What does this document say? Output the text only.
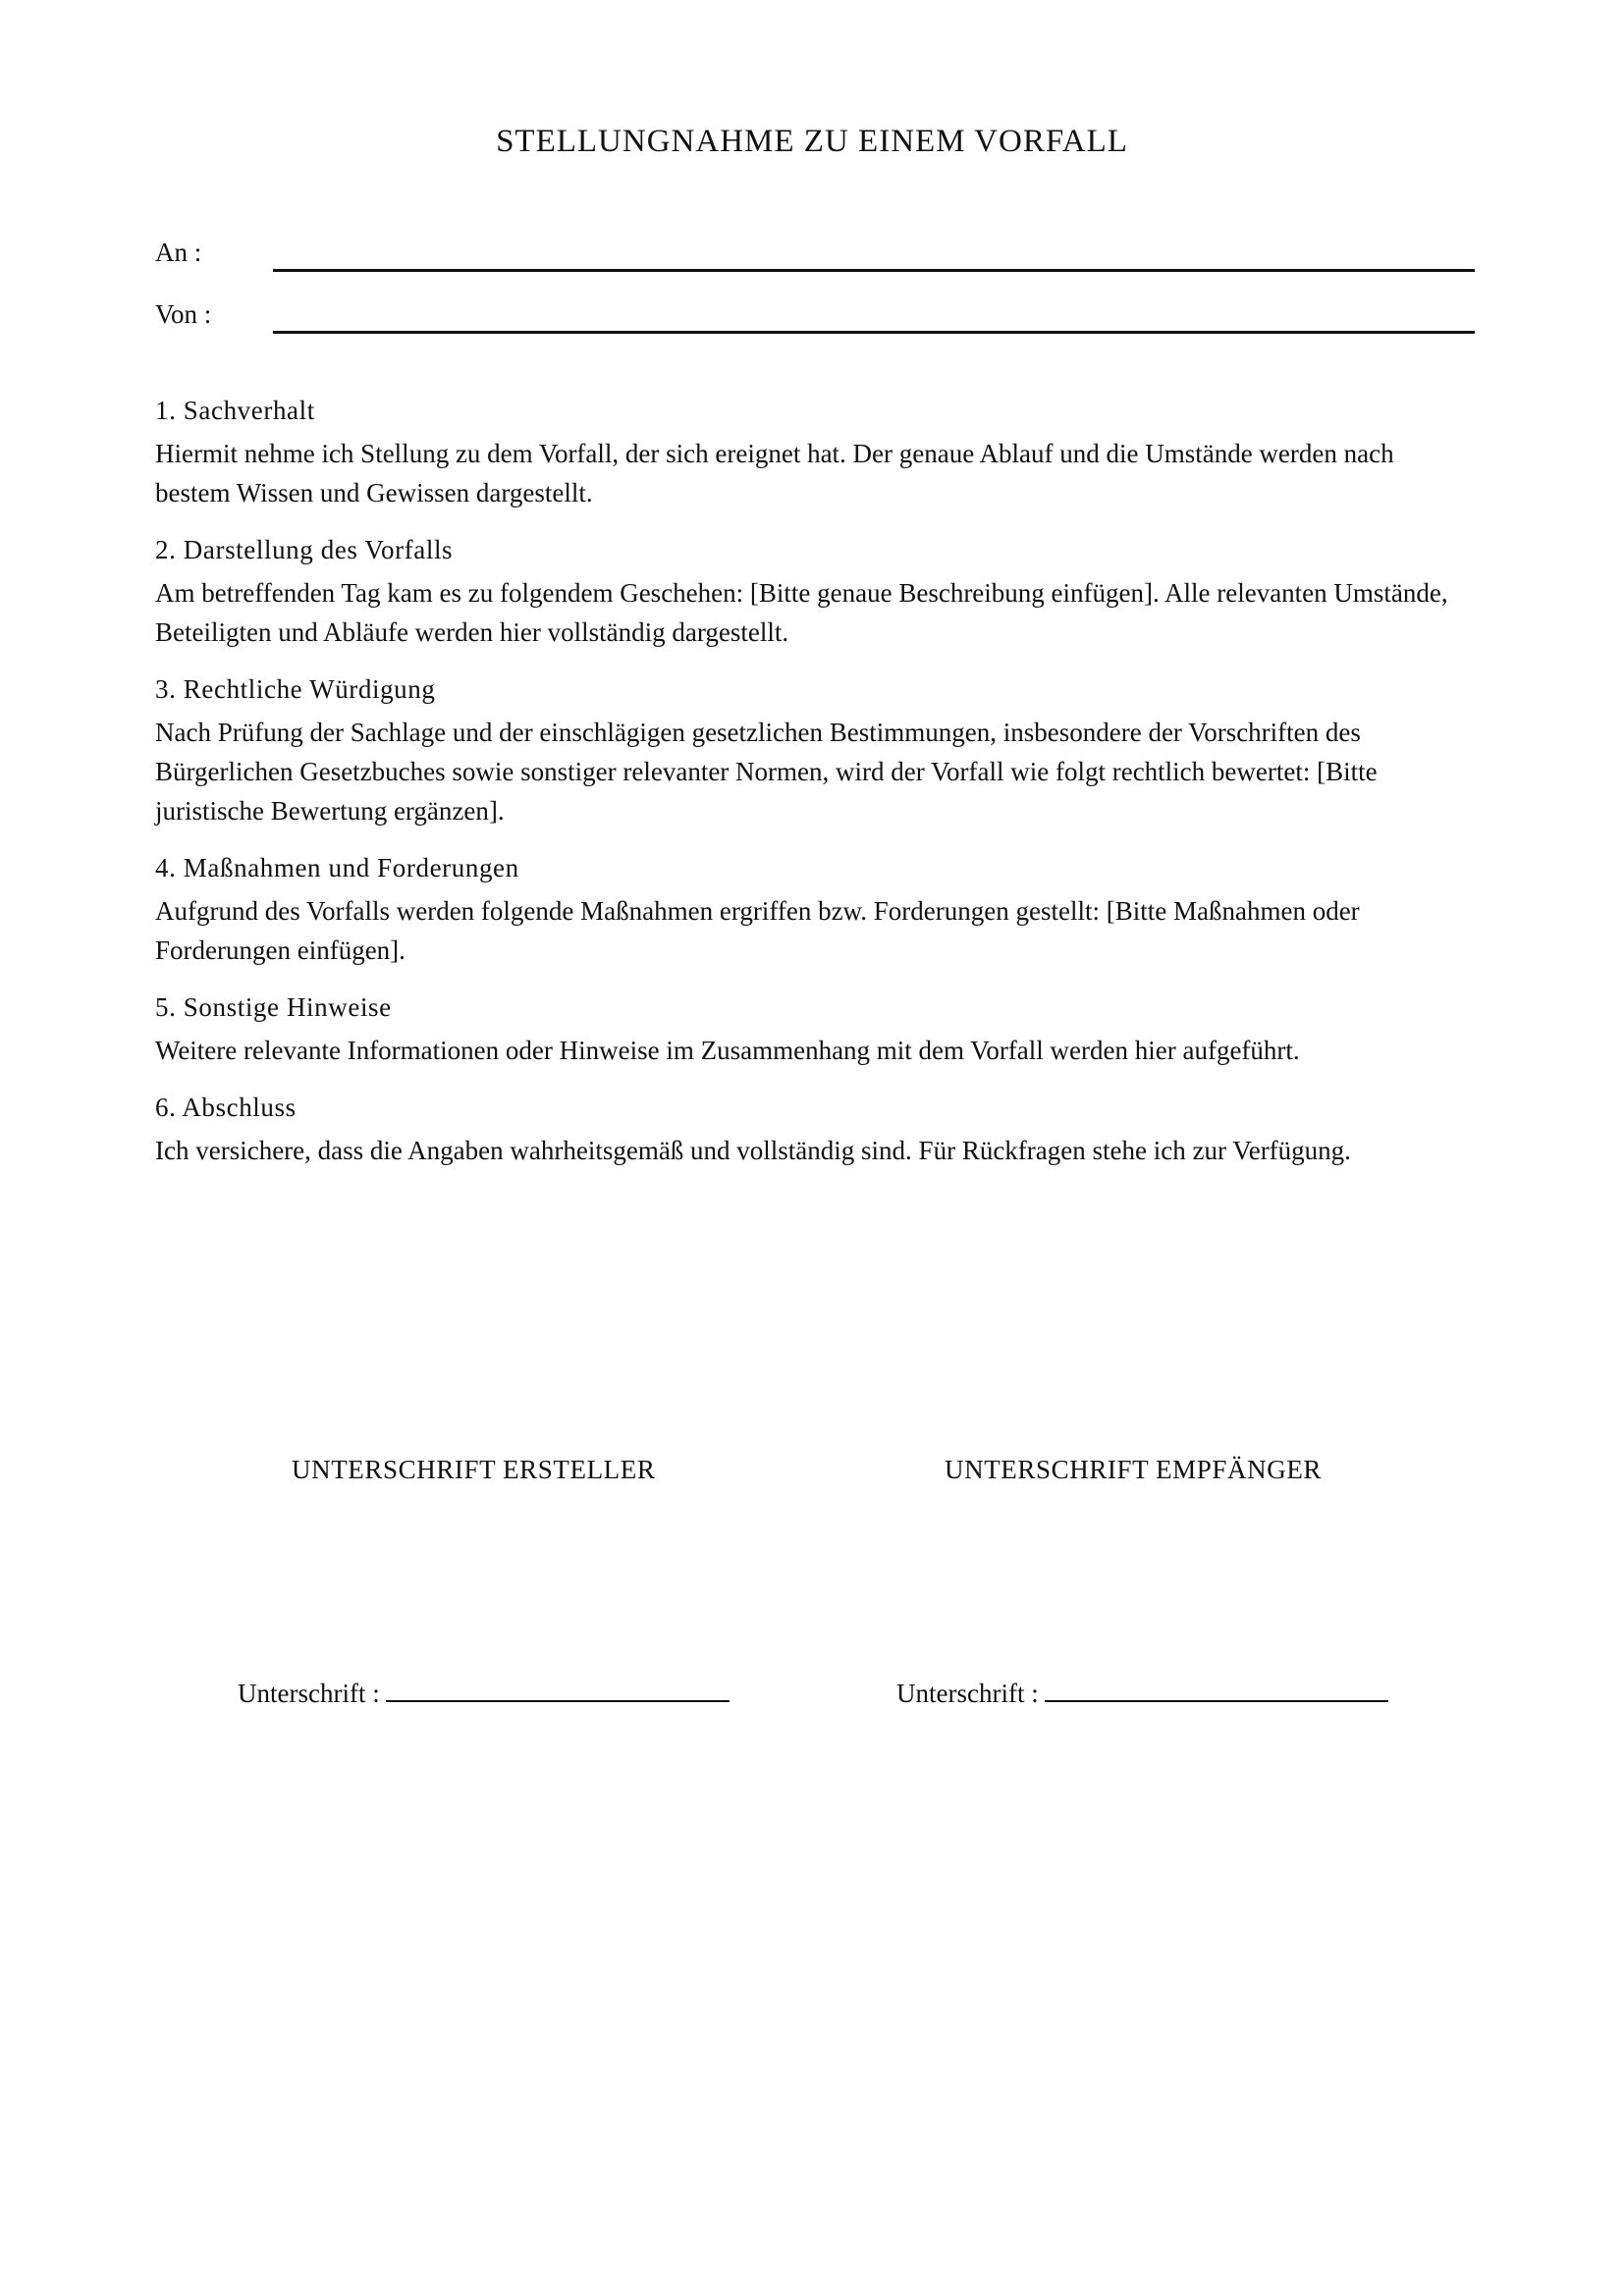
STELLUNGNAHME ZU EINEM VORFALL
An :
Von :

1. Sachverhalt

Hiermit nehme ich Stellung zu dem Vorfall, der sich ereignet hat. Der genaue Ablauf und die Umstände werden nach bestem Wissen und Gewissen dargestellt.

2. Darstellung des Vorfalls

Am betreffenden Tag kam es zu folgendem Geschehen: [Bitte genaue Beschreibung einfügen]. Alle relevanten Umstände, Beteiligten und Abläufe werden hier vollständig dargestellt.

3. Rechtliche Würdigung

Nach Prüfung der Sachlage und der einschlägigen gesetzlichen Bestimmungen, insbesondere der Vorschriften des Bürgerlichen Gesetzbuches sowie sonstiger relevanter Normen, wird der Vorfall wie folgt rechtlich bewertet: [Bitte juristische Bewertung ergänzen].

4. Maßnahmen und Forderungen

Aufgrund des Vorfalls werden folgende Maßnahmen ergriffen bzw. Forderungen gestellt: [Bitte Maßnahmen oder Forderungen einfügen].

5. Sonstige Hinweise

Weitere relevante Informationen oder Hinweise im Zusammenhang mit dem Vorfall werden hier aufgeführt.

6. Abschluss

Ich versichere, dass die Angaben wahrheitsgemäß und vollständig sind. Für Rückfragen stehe ich zur Verfügung.

UNTERSCHRIFT ERSTELLER	UNTERSCHRIFT EMPFÄNGER
Unterschrift :	Unterschrift :
